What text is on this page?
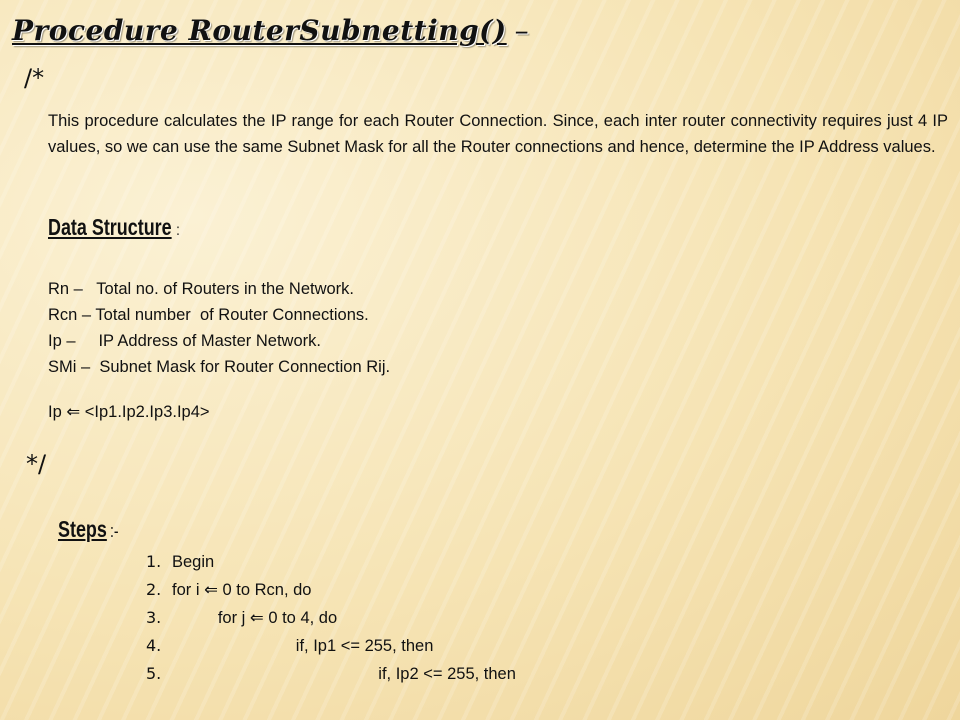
Procedure RouterSubnetting() –
/*
This procedure calculates the IP range for each Router Connection. Since, each inter router connectivity requires just 4 IP values, so we can use the same Subnet Mask for all the Router connections and hence, determine the IP Address values.
Data Structure :
Rn –   Total no. of Routers in the Network.
Rcn – Total number  of Router Connections.
Ip –     IP Address of Master Network.
SMi –  Subnet Mask for Router Connection Rij.
Ip ⇐ <Ip1.Ip2.Ip3.Ip4>
*/
Steps :-
1. Begin
2. for i ⇐ 0 to Rcn, do
3.          for j ⇐ 0 to 4, do
4.                           if, Ip1 <= 255, then
5.                                             if, Ip2 <= 255, then
